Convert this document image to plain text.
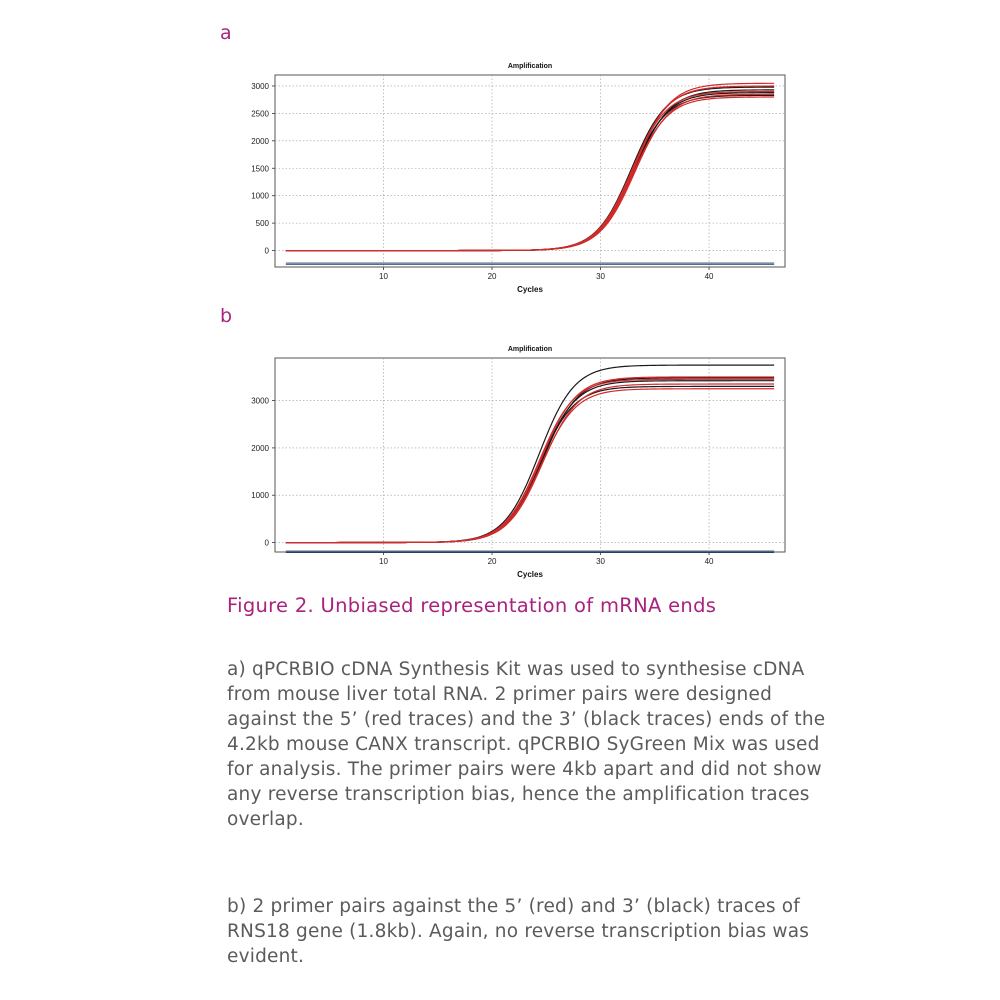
a
10	20	30	40
0
500
1000
1500
2000
2500
3000
Amplification
Cycles
b
10	20	30	40
0
1000
2000
3000
Amplification
Cycles
Figure 2. Unbiased representation of mRNA ends

a) qPCRBIO cDNA Synthesis Kit was used to synthesise cDNA from mouse liver total RNA. 2 primer pairs were designed against the 5’ (red traces) and the 3’ (black traces) ends of the 4.2kb mouse CANX transcript. qPCRBIO SyGreen Mix was used for analysis. The primer pairs were 4kb apart and did not show any reverse transcription bias, hence the amplification traces overlap.

b) 2 primer pairs against the 5’ (red) and 3’ (black) traces of RNS18 gene (1.8kb). Again, no reverse transcription bias was evident.
